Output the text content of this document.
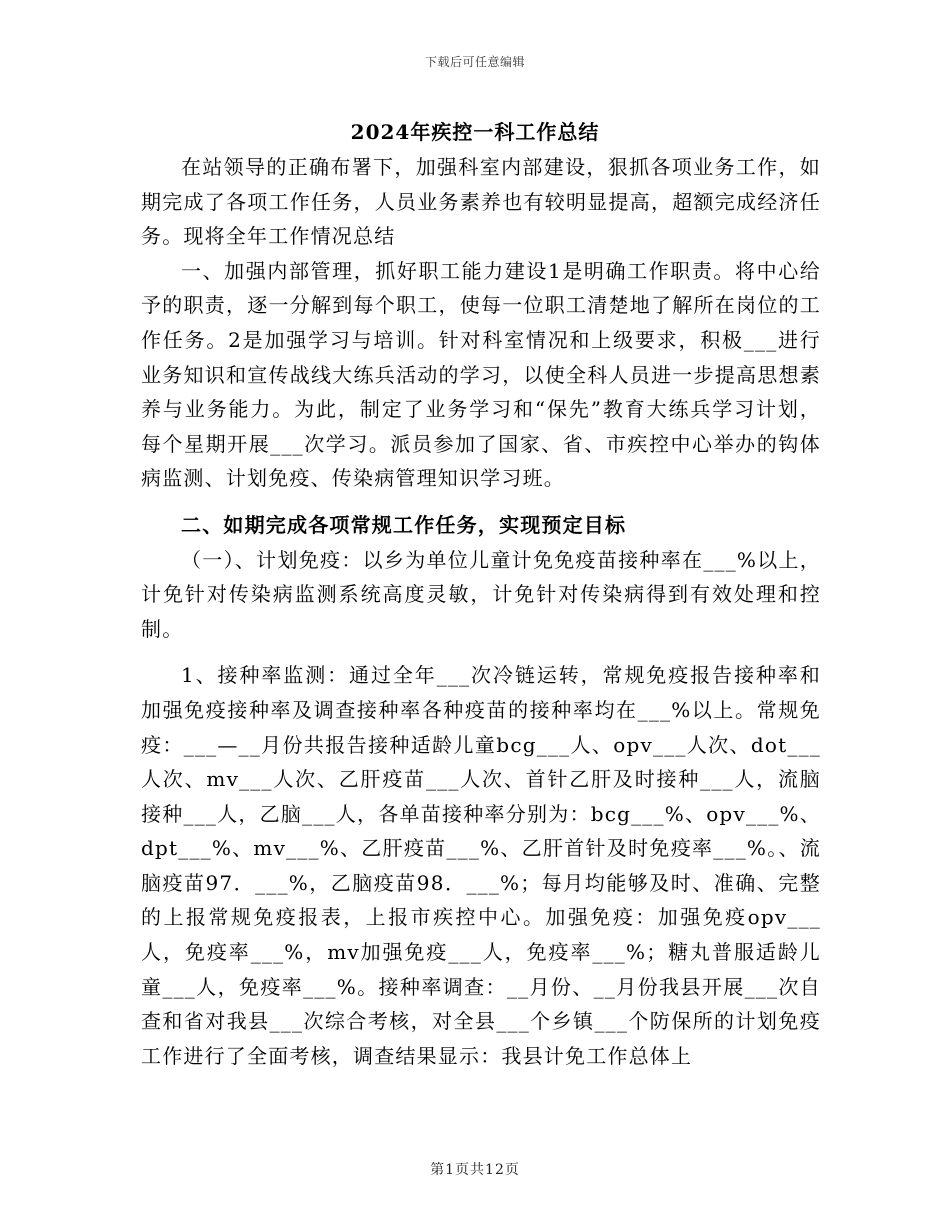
下载后可任意编辑
2024年疾控一科工作总结

在站领导的正确布署下，加强科室内部建设，狠抓各项业务工作，如期完成了各项工作任务，人员业务素养也有较明显提高，超额完成经济任务。现将全年工作情况总结

一、加强内部管理，抓好职工能力建设1是明确工作职责。将中心给予的职责，逐一分解到每个职工，使每一位职工清楚地了解所在岗位的工作任务。2是加强学习与培训。针对科室情况和上级要求，积极___进行业务知识和宣传战线大练兵活动的学习，以使全科人员进一步提高思想素养与业务能力。为此，制定了业务学习和“保先”教育大练兵学习计划，每个星期开展___次学习。派员参加了国家、省、市疾控中心举办的钩体病监测、计划免疫、传染病管理知识学习班。

二、如期完成各项常规工作任务，实现预定目标

（一）、计划免疫：以乡为单位儿童计免免疫苗接种率在___%以上，计免针对传染病监测系统高度灵敏，计免针对传染病得到有效处理和控制。

1、接种率监测：通过全年___次冷链运转，常规免疫报告接种率和加强免疫接种率及调查接种率各种疫苗的接种率均在___%以上。常规免疫：___—__月份共报告接种适龄儿童bcg___人、opv___人次、dot___人次、mv___人次、乙肝疫苗___人次、首针乙肝及时接种___人，流脑接种___人，乙脑___人，各单苗接种率分别为：bcg___%、opv___%、dpt___%、mv___%、乙肝疫苗___%、乙肝首针及时免疫率___%。、流脑疫苗97．___%，乙脑疫苗98．___%；每月均能够及时、准确、完整的上报常规免疫报表，上报市疾控中心。加强免疫：加强免疫opv___人，免疫率___%，mv加强免疫___人，免疫率___%；糖丸普服适龄儿童___人，免疫率___%。接种率调查：__月份、__月份我县开展___次自查和省对我县___次综合考核，对全县___个乡镇___个防保所的计划免疫工作进行了全面考核，调查结果显示：我县计免工作总体上

第1页共12页
